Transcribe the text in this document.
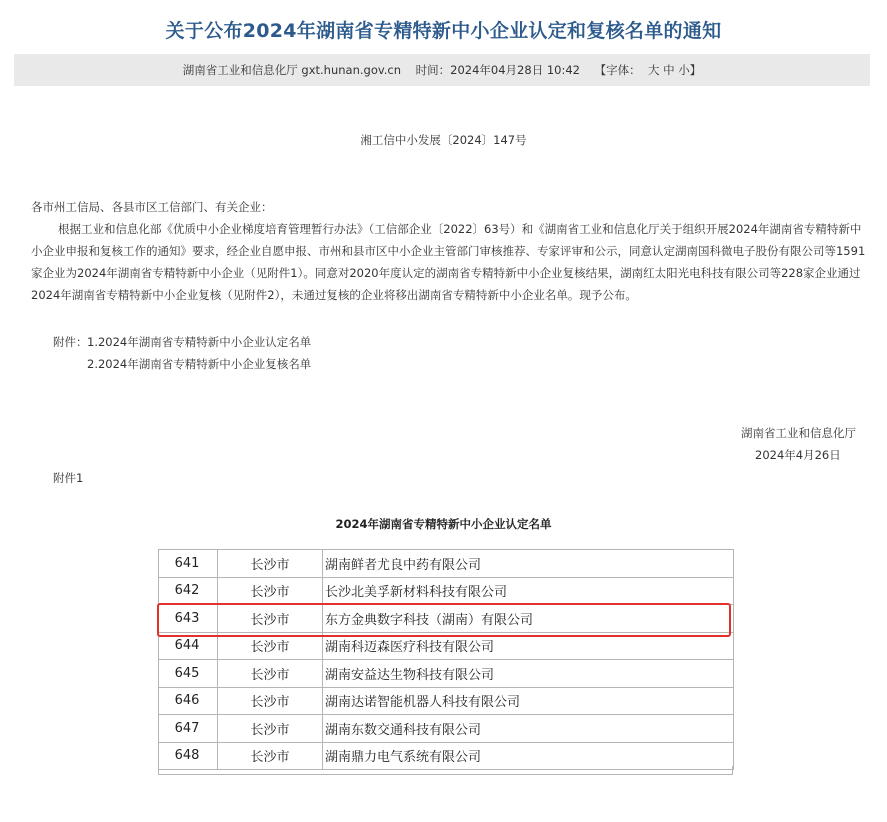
关于公布2024年湖南省专精特新中小企业认定和复核名单的通知
湖南省工业和信息化厅 gxt.hunan.gov.cn
时间： 2024年04月28日 10:42
【字体：
大
中
小 】
湘工信中小发展〔2024〕147号
各市州工信局、各县市区工信部门、有关企业：
根据工业和信息化部《优质中小企业梯度培育管理暂行办法》（工信部企业〔2022〕63号）和《湖南省工业和信息化厅关于组织开展2024年湖南省专精特新中
小企业申报和复核工作的通知》要求，经企业自愿申报、市州和县市区中小企业主管部门审核推荐、专家评审和公示，同意认定湖南国科微电子股份有限公司等1591
家企业为2024年湖南省专精特新中小企业（见附件1）。同意对2020年度认定的湖南省专精特新中小企业复核结果，湖南红太阳光电科技有限公司等228家企业通过
2024年湖南省专精特新中小企业复核（见附件2），未通过复核的企业将移出湖南省专精特新中小企业名单。现予公布。
附件： 1.2024年湖南省专精特新中小企业认定名单
2.2024年湖南省专精特新中小企业复核名单
湖南省工业和信息化厅
2024年4月26日
附件1
2024年湖南省专精特新中小企业认定名单
641	长沙市	湖南鲜者尤良中药有限公司
642	长沙市	长沙北美孚新材料科技有限公司
643	长沙市	东方金典数字科技（湖南）有限公司
644	长沙市	湖南科迈森医疗科技有限公司
645	长沙市	湖南安益达生物科技有限公司
646	长沙市	湖南达诺智能机器人科技有限公司
647	长沙市	湖南东数交通科技有限公司
648	长沙市	湖南鼎力电气系统有限公司
